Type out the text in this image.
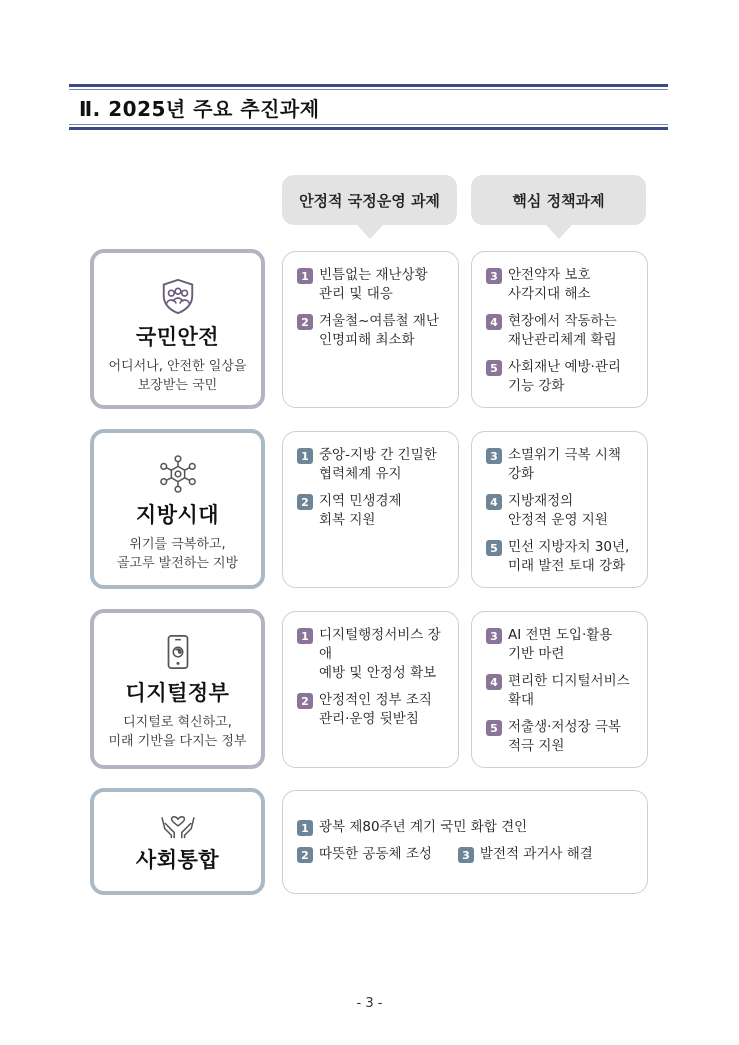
Ⅱ. 2025년 주요 추진과제
안정적 국정운영 과제	핵심 정책과제
국민안전
어디서나, 안전한 일상을
보장받는 국민
1 빈틈없는 재난상황
관리 및 대응
2 겨울철~여름철 재난
인명피해 최소화
3 안전약자 보호
사각지대 해소
4 현장에서 작동하는
재난관리체계 확립
5 사회재난 예방·관리
기능 강화
지방시대
위기를 극복하고,
골고루 발전하는 지방
1 중앙-지방 간 긴밀한
협력체계 유지
2 지역 민생경제
회복 지원
3 소멸위기 극복 시책
강화
4 지방재정의
안정적 운영 지원
5 민선 지방자치 30년,
미래 발전 토대 강화
디지털정부
디지털로 혁신하고,
미래 기반을 다지는 정부
1 디지털행정서비스 장애
예방 및 안정성 확보
2 안정적인 정부 조직
관리·운영 뒷받침
3 AI 전면 도입·활용
기반 마련
4 편리한 디지털서비스
확대
5 저출생·저성장 극복
적극 지원
사회통합
1 광복 제80주년 계기 국민 화합 견인
2 따뜻한 공동체 조성	3 발전적 과거사 해결
- 3 -
